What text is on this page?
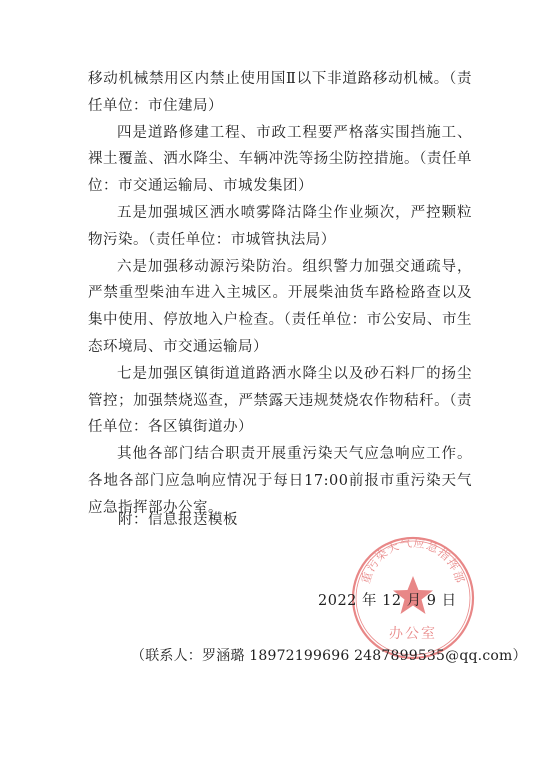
移动机械禁用区内禁止使用国Ⅱ以下非道路移动机械。（责任单位：市住建局）

四是道路修建工程、市政工程要严格落实围挡施工、裸土覆盖、洒水降尘、车辆冲洗等扬尘防控措施。（责任单位：市交通运输局、市城发集团）

五是加强城区洒水喷雾降沽降尘作业频次，严控颗粒物污染。（责任单位：市城管执法局）

六是加强移动源污染防治。组织警力加强交通疏导，严禁重型柴油车进入主城区。开展柴油货车路检路查以及集中使用、停放地入户检查。（责任单位：市公安局、市生态环境局、市交通运输局）

七是加强区镇街道道路洒水降尘以及砂石料厂的扬尘管控；加强禁烧巡查，严禁露天违规焚烧农作物秸秆。（责任单位：各区镇街道办）

其他各部门结合职责开展重污染天气应急响应工作。各地各部门应急响应情况于每日17:00前报市重污染天气应急指挥部办公室。

附：信息报送模板
重污染天气应急指挥部
办公室
2022 年 12 月 9 日
（联系人：罗涵璐 18972199696 2487899535@qq.com）
